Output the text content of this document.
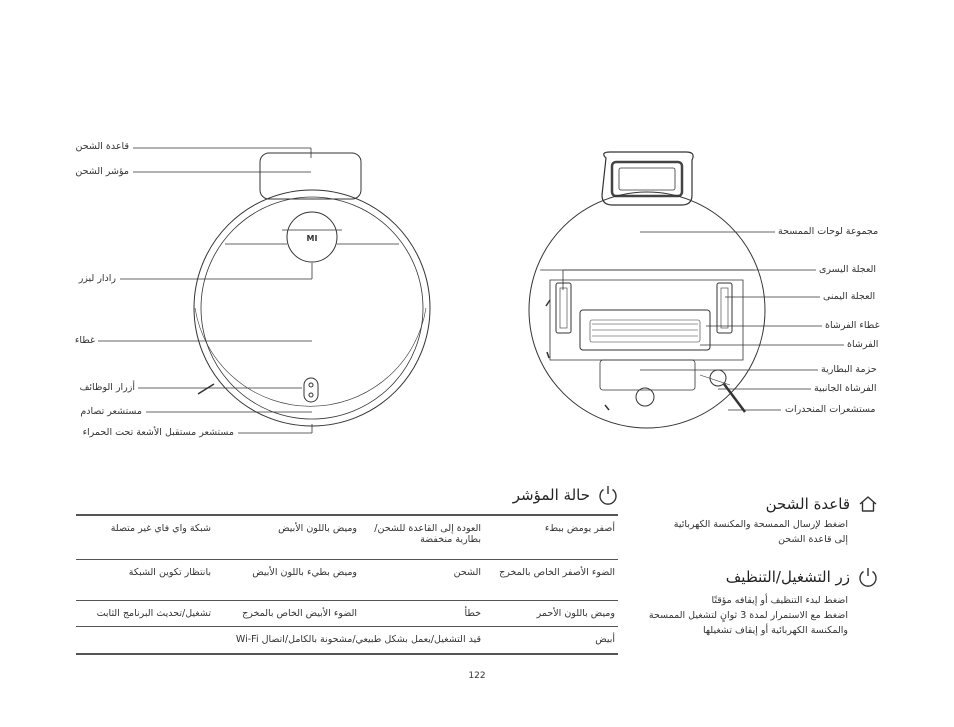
MI
قاعدة الشحن
مؤشر الشحن
رادار ليزر
غطاء
أزرار الوظائف
مستشعر تصادم
مستشعر مستقبل الأشعة تحت الحمراء
مجموعة لوحات الممسحة
العجلة اليسرى
العجلة اليمنى
غطاء الفرشاة
الفرشاة
حزمة البطارية
الفرشاة الجانبية
مستشعرات المنحدرات
حالة المؤشر
أصفر يومض ببطء	العودة إلى القاعدة للشحن/ بطارية منخفضة	وميض باللون الأبيض	شبكة واي فاي غير متصلة
الضوء الأصفر الخاص بالمخرج	الشحن	وميض بطيء باللون الأبيض	بانتظار تكوين الشبكة
وميض باللون الأحمر	خطأ	الضوء الأبيض الخاص بالمخرج	تشغيل/تحديث البرنامج الثابت
أبيض	قيد التشغيل/يعمل بشكل طبيعي/مشحونة بالكامل/اتصال Wi-Fi		
قاعدة الشحن
اضغط لإرسال الممسحة والمكنسة الكهربائية
إلى قاعدة الشحن
زر التشغيل/التنظيف
اضغط لبدء التنظيف أو إيقافه مؤقتًا
اضغط مع الاستمرار لمدة 3 ثوانٍ لتشغيل الممسحة
والمكنسة الكهربائية أو إيقاف تشغيلها
122
